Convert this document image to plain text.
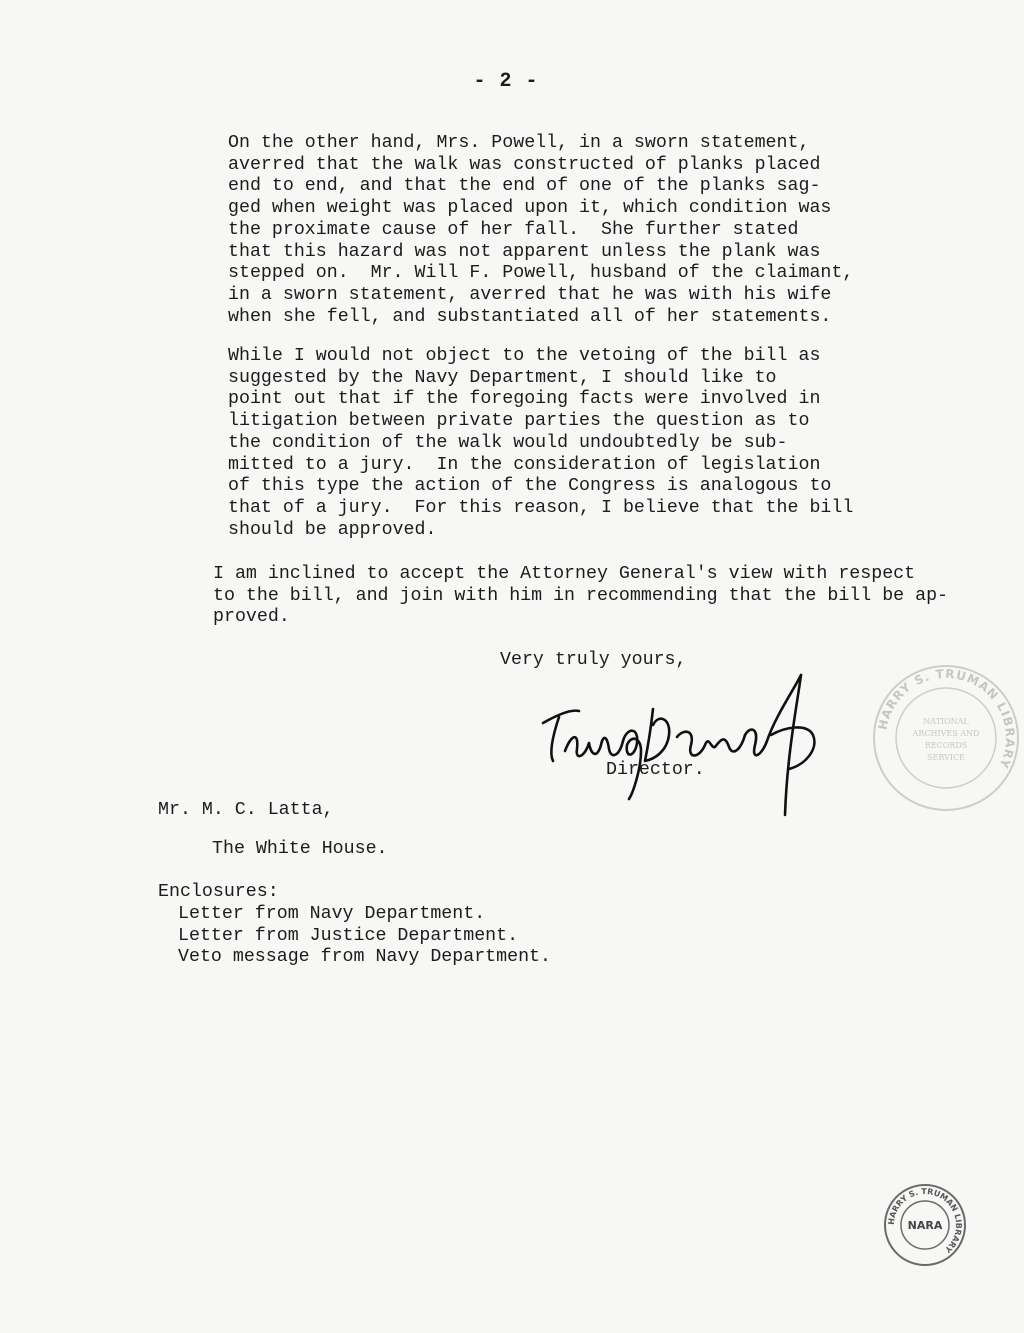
- 2 -
On the other hand, Mrs. Powell, in a sworn statement,
averred that the walk was constructed of planks placed
end to end, and that the end of one of the planks sag-
ged when weight was placed upon it, which condition was
the proximate cause of her fall.  She further stated
that this hazard was not apparent unless the plank was
stepped on.  Mr. Will F. Powell, husband of the claimant,
in a sworn statement, averred that he was with his wife
when she fell, and substantiated all of her statements.
While I would not object to the vetoing of the bill as
suggested by the Navy Department, I should like to
point out that if the foregoing facts were involved in
litigation between private parties the question as to
the condition of the walk would undoubtedly be sub-
mitted to a jury.  In the consideration of legislation
of this type the action of the Congress is analogous to
that of a jury.  For this reason, I believe that the bill
should be approved.
I am inclined to accept the Attorney General's view with respect
to the bill, and join with him in recommending that the bill be ap-
proved.
Very truly yours,
Director.
Mr. M. C. Latta,
The White House.
Enclosures:
Letter from Navy Department.
Letter from Justice Department.
Veto message from Navy Department.
HARRY S. TRUMAN LIBRARY
NATIONAL
ARCHIVES AND
RECORDS
SERVICE
HARRY S. TRUMAN LIBRARY
NARA
